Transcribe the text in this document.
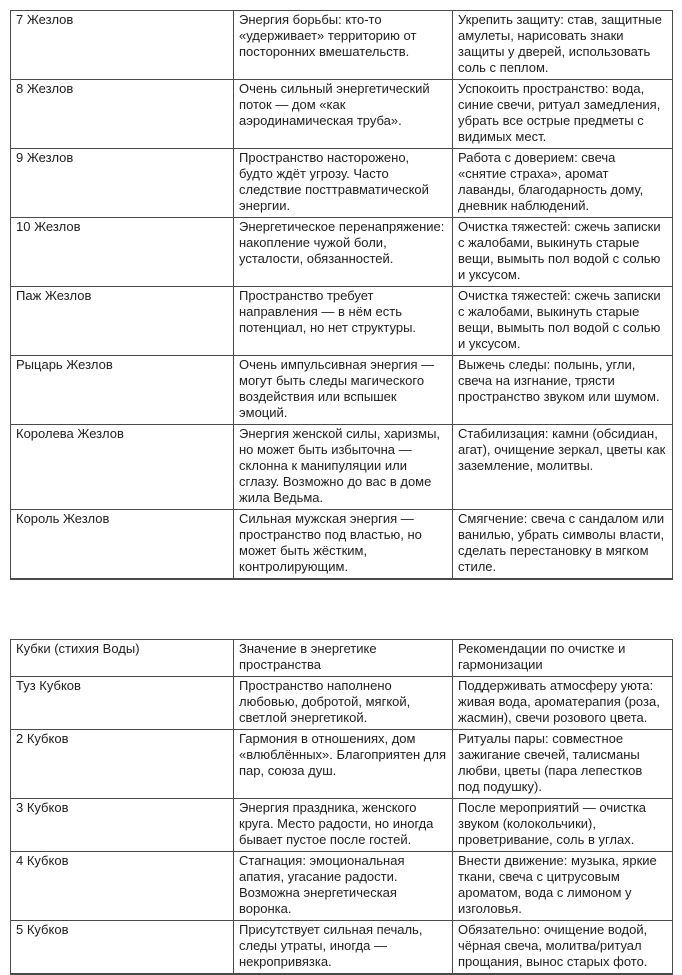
7 Жезлов	Энергия борьбы: кто-то «удерживает» территорию от посторонних вмешательств.	Укрепить защиту: став, защитные амулеты, нарисовать знаки защиты у дверей, использовать соль с пеплом.
8 Жезлов	Очень сильный энергетический поток — дом «как аэродинамическая труба».	Успокоить пространство: вода, синие свечи, ритуал замедления, убрать все острые предметы с видимых мест.
9 Жезлов	Пространство насторожено, будто ждёт угрозу. Часто следствие посттравматической энергии.	Работа с доверием: свеча «снятие страха», аромат лаванды, благодарность дому, дневник наблюдений.
10 Жезлов	Энергетическое перенапряжение: накопление чужой боли, усталости, обязанностей.	Очистка тяжестей: сжечь записки с жалобами, выкинуть старые вещи, вымыть пол водой с солью и уксусом.
Паж Жезлов	Пространство требует направления — в нём есть потенциал, но нет структуры.	Очистка тяжестей: сжечь записки с жалобами, выкинуть старые вещи, вымыть пол водой с солью и уксусом.
Рыцарь Жезлов	Очень импульсивная энергия — могут быть следы магического воздействия или вспышек эмоций.	Выжечь следы: полынь, угли, свеча на изгнание, трясти пространство звуком или шумом.
Королева Жезлов	Энергия женской силы, харизмы, но может быть избыточна — склонна к манипуляции или сглазу. Возможно до вас в доме жила Ведьма.	Стабилизация: камни (обсидиан, агат), очищение зеркал, цветы как заземление, молитвы.
Король Жезлов	Сильная мужская энергия — пространство под властью, но может быть жёстким, контролирующим.	Смягчение: свеча с сандалом или ванилью, убрать символы власти, сделать перестановку в мягком стиле.
Кубки (стихия Воды)	Значение в энергетике пространства	Рекомендации по очистке и гармонизации
Туз Кубков	Пространство наполнено любовью, добротой, мягкой, светлой энергетикой.	Поддерживать атмосферу уюта: живая вода, ароматерапия (роза, жасмин), свечи розового цвета.
2 Кубков	Гармония в отношениях, дом «влюблённых». Благоприятен для пар, союза душ.	Ритуалы пары: совместное зажигание свечей, талисманы любви, цветы (пара лепестков под подушку).
3 Кубков	Энергия праздника, женского круга. Место радости, но иногда бывает пустое после гостей.	После мероприятий — очистка звуком (колокольчики), проветривание, соль в углах.
4 Кубков	Стагнация: эмоциональная апатия, угасание радости. Возможна энергетическая воронка.	Внести движение: музыка, яркие ткани, свеча с цитрусовым ароматом, вода с лимоном у изголовья.
5 Кубков	Присутствует сильная печаль, следы утраты, иногда — некропривязка.	Обязательно: очищение водой, чёрная свеча, молитва/ритуал прощания, вынос старых фото.
